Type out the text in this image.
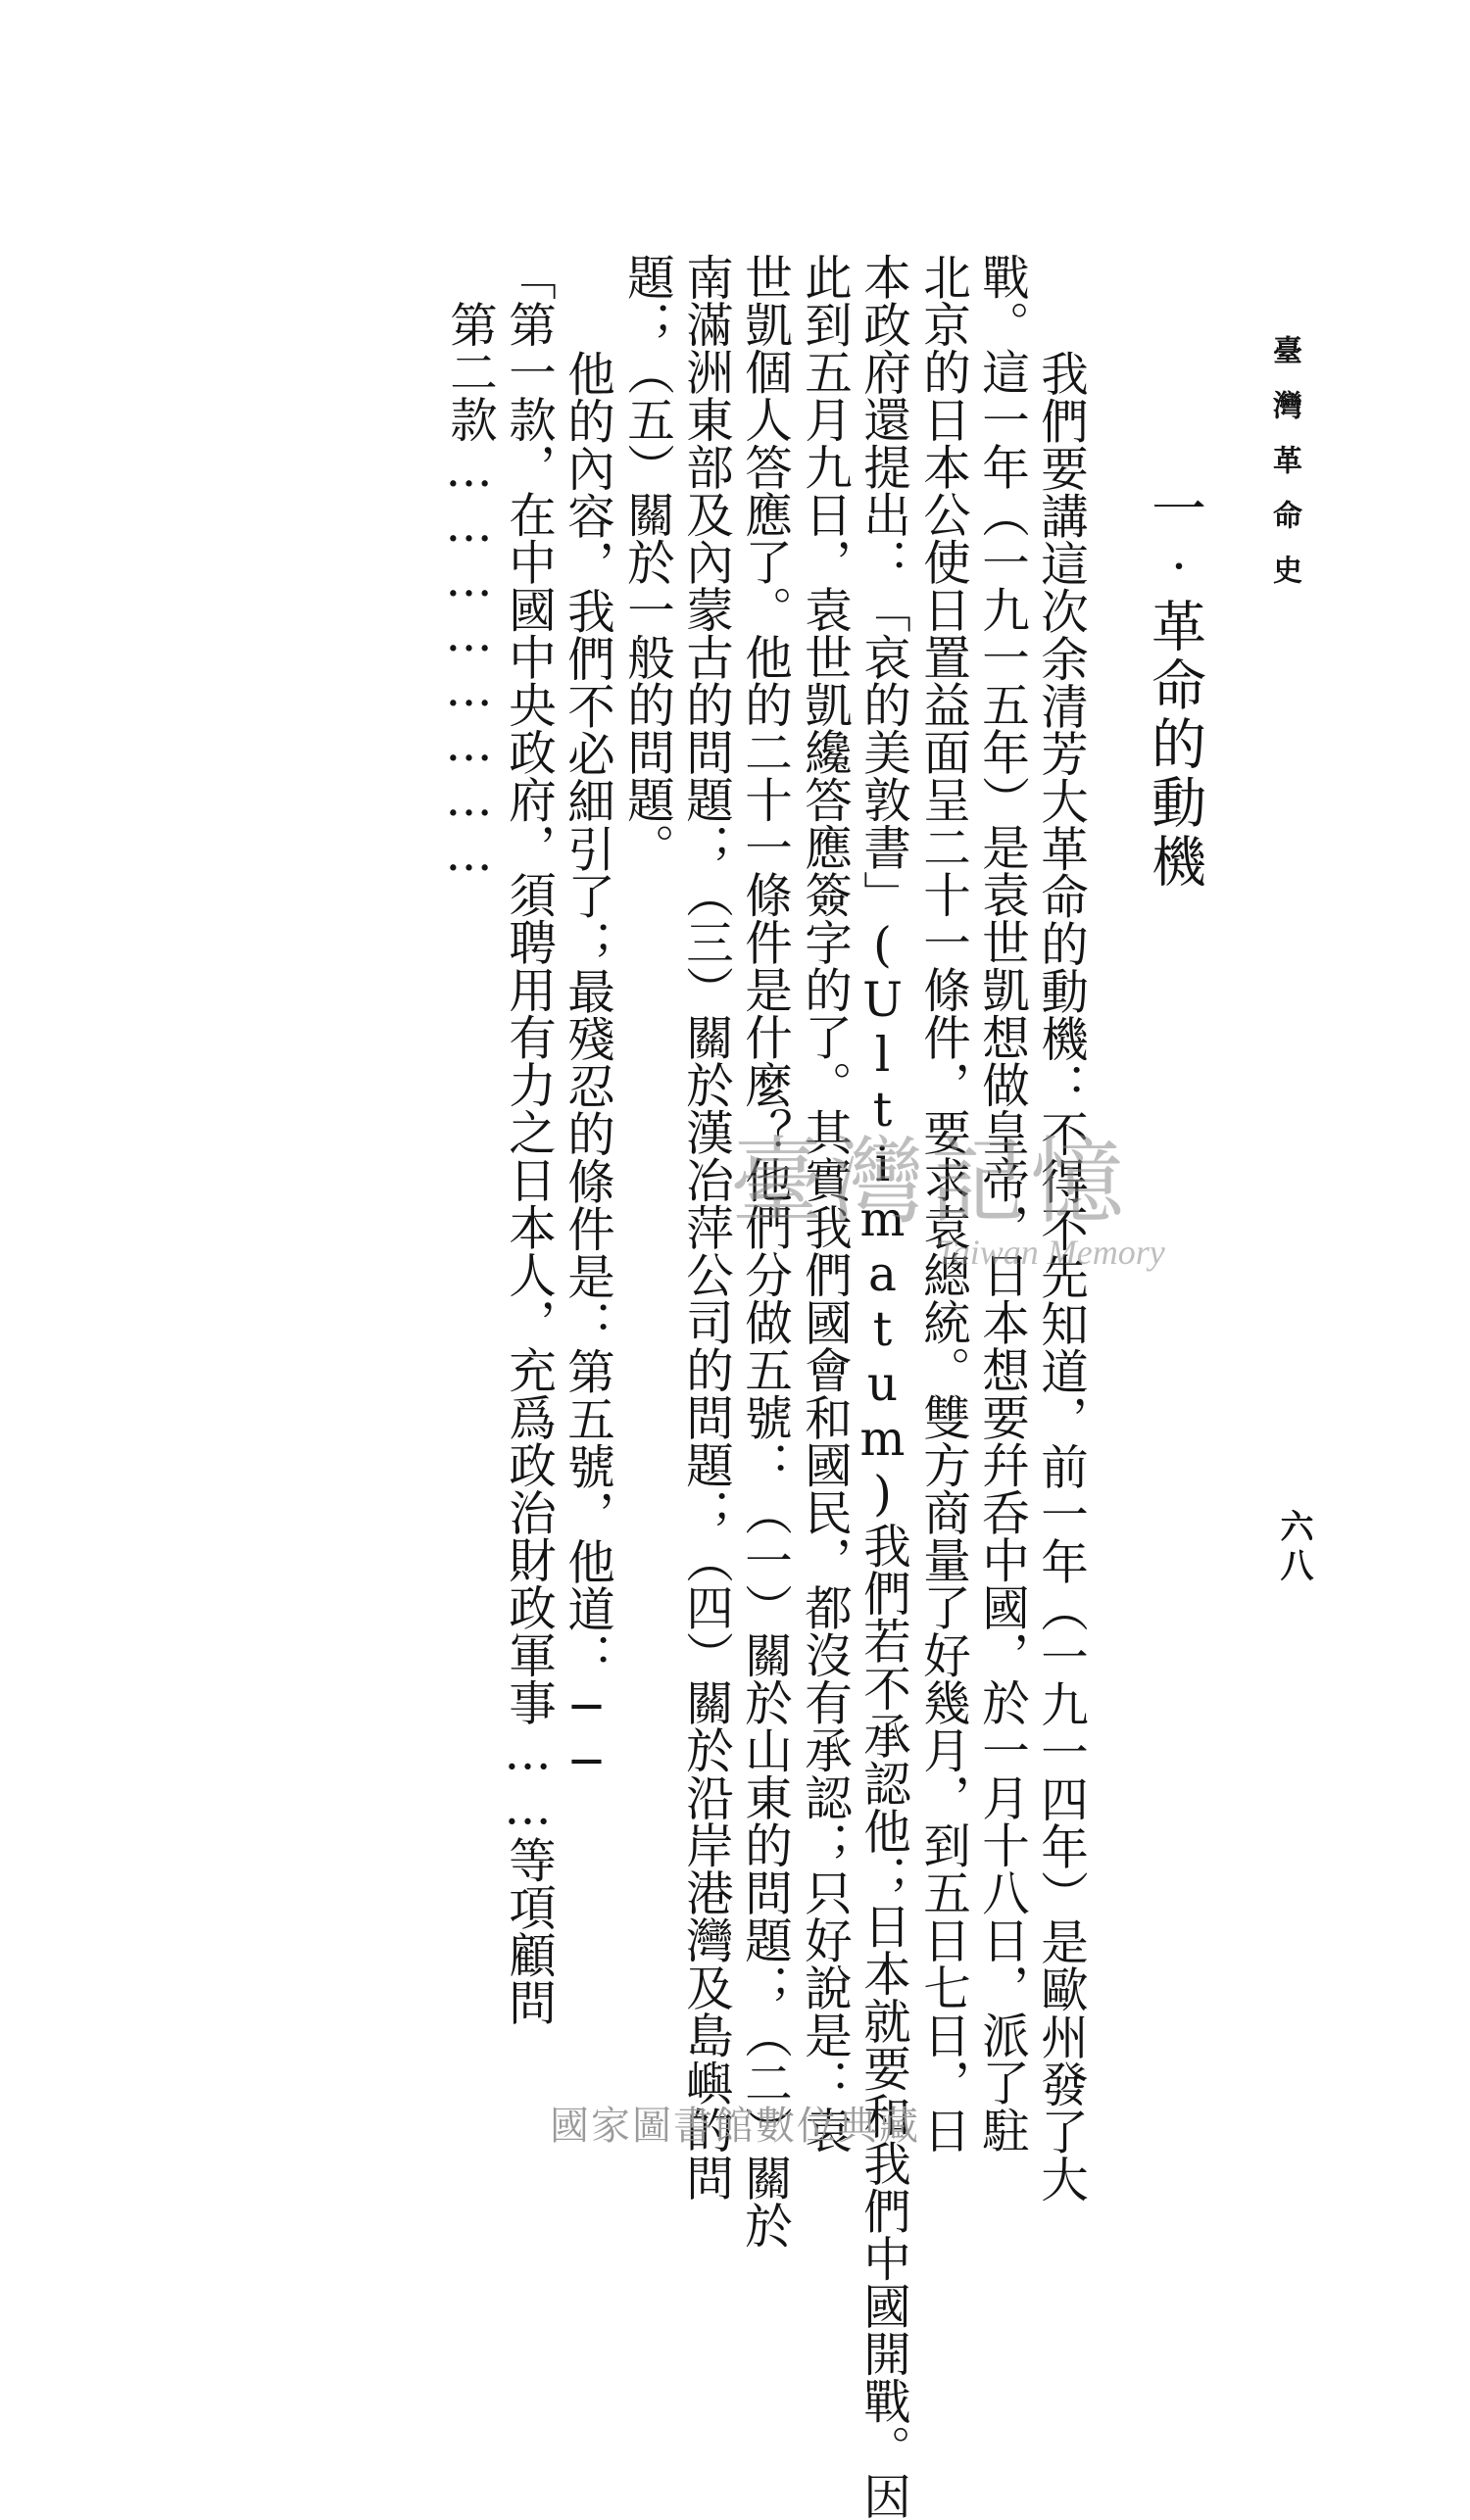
臺灣革命史
六八
一‧革命的動機
　我們要講這次余清芳大革命的動機：不得不先知道，前一年（一九一四年）是歐州發了大
戰。這一年（一九一五年）是袁世凱想做皇帝，日本想要幷呑中國，於一月十八日，派了駐
北京的日本公使日置益面呈二十一條件，要求袁總統。雙方商量了好幾月，到五日七日，日
本政府還提出：「哀的美敦書」(Ultimatum)我們若不承認他；日本就要和我們中國開戰。因
此到五月九日，袁世凱纔答應簽字的了。其實我們國會和國民，都沒有承認；只好說是：袁
世凱個人答應了。他的二十一條件是什麼？他們分做五號：（一）關於山東的問題；（二）關於
南滿洲東部及內蒙古的問題；（三）關於漢冶萍公司的問題；（四）關於沿岸港灣及島嶼的問
題；（五）關於一般的問題。
　他的內容，我們不必細引了；最殘忍的條件是：第五號，他道：──
「第一款，在中國中央政府，須聘用有力之日本人，充爲政治財政軍事……等項顧問
　第二款……………………
臺灣記憶
Taiwan Memory
國家圖書館數位典藏
